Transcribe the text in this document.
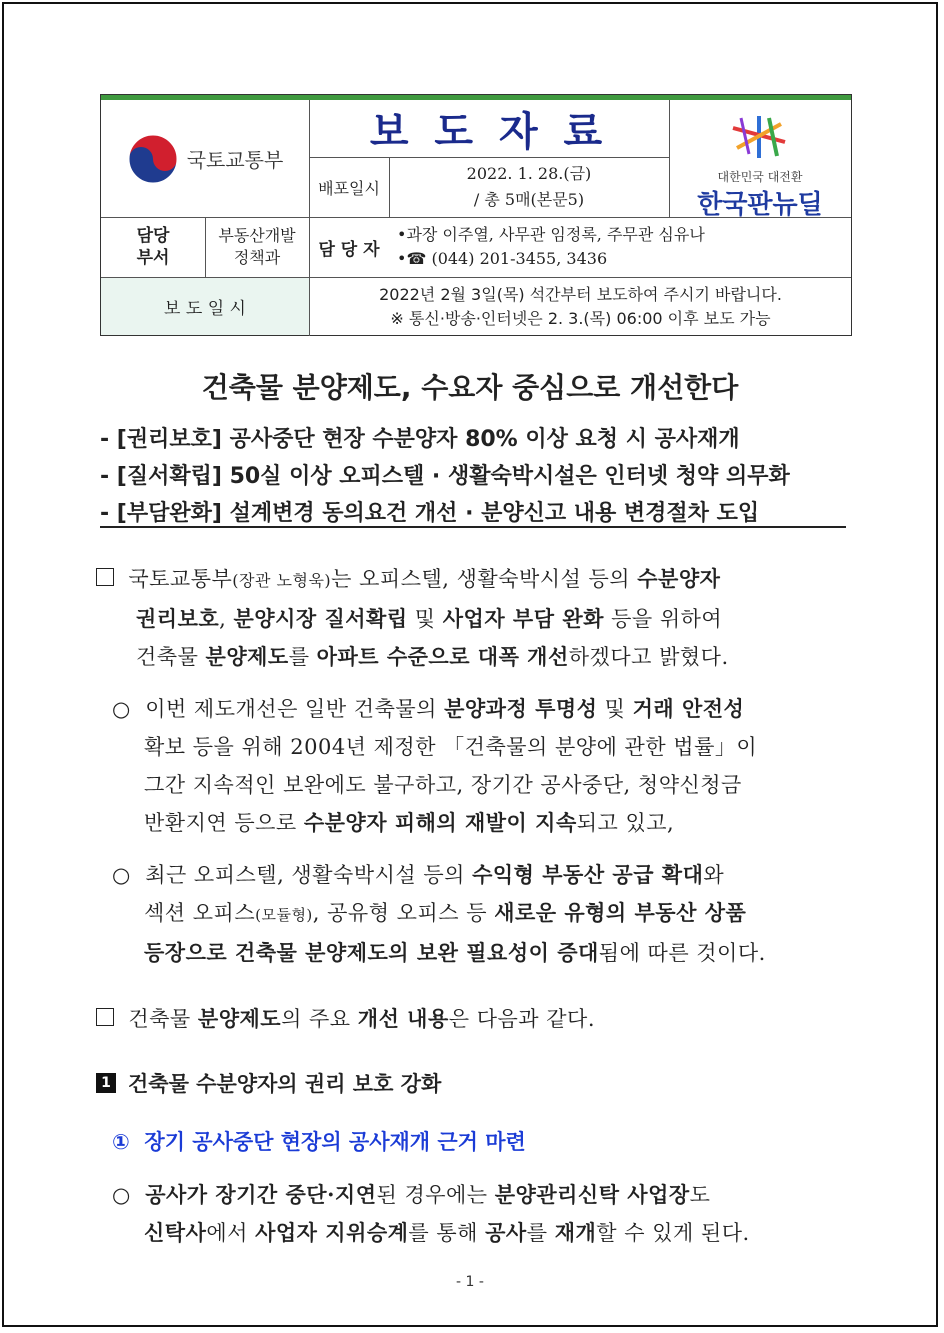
국토교통부
보 도 자 료
배포일시
2022. 1. 28.(금)
/ 총 5매(본문5)
대한민국 대전환
한국판뉴딜
담당
부서
부동산개발
정책과	담 당 자
•과장 이주열, 사무관 임정록, 주무관 심유나
•☎ (044) 201-3455, 3436
보 도 일 시
2022년 2월 3일(목) 석간부터 보도하여 주시기 바랍니다.
※ 통신·방송·인터넷은 2. 3.(목) 06:00 이후 보도 가능
건축물 분양제도, 수요자 중심으로 개선한다
- [권리보호] 공사중단 현장 수분양자 80% 이상 요청 시 공사재개
- [질서확립] 50실 이상 오피스텔 · 생활숙박시설은 인터넷 청약 의무화
- [부담완화] 설계변경 동의요건 개선 · 분양신고 내용 변경절차 도입
국토교통부(장관 노형욱)는 오피스텔, 생활숙박시설 등의 수분양자
권리보호, 분양시장 질서확립 및 사업자 부담 완화 등을 위하여
건축물 분양제도를 아파트 수준으로 대폭 개선하겠다고 밝혔다.
○ 이번 제도개선은 일반 건축물의 분양과정 투명성 및 거래 안전성
확보 등을 위해 2004년 제정한 「건축물의 분양에 관한 법률」이
그간 지속적인 보완에도 불구하고, 장기간 공사중단, 청약신청금
반환지연 등으로 수분양자 피해의 재발이 지속되고 있고,
○ 최근 오피스텔, 생활숙박시설 등의 수익형 부동산 공급 확대와
섹션 오피스(모듈형), 공유형 오피스 등 새로운 유형의 부동산 상품
등장으로 건축물 분양제도의 보완 필요성이 증대됨에 따른 것이다.
건축물 분양제도의 주요 개선 내용은 다음과 같다.
1 건축물 수분양자의 권리 보호 강화
① 장기 공사중단 현장의 공사재개 근거 마련
○ 공사가 장기간 중단·지연된 경우에는 분양관리신탁 사업장도
신탁사에서 사업자 지위승계를 통해 공사를 재개할 수 있게 된다.
- 1 -
